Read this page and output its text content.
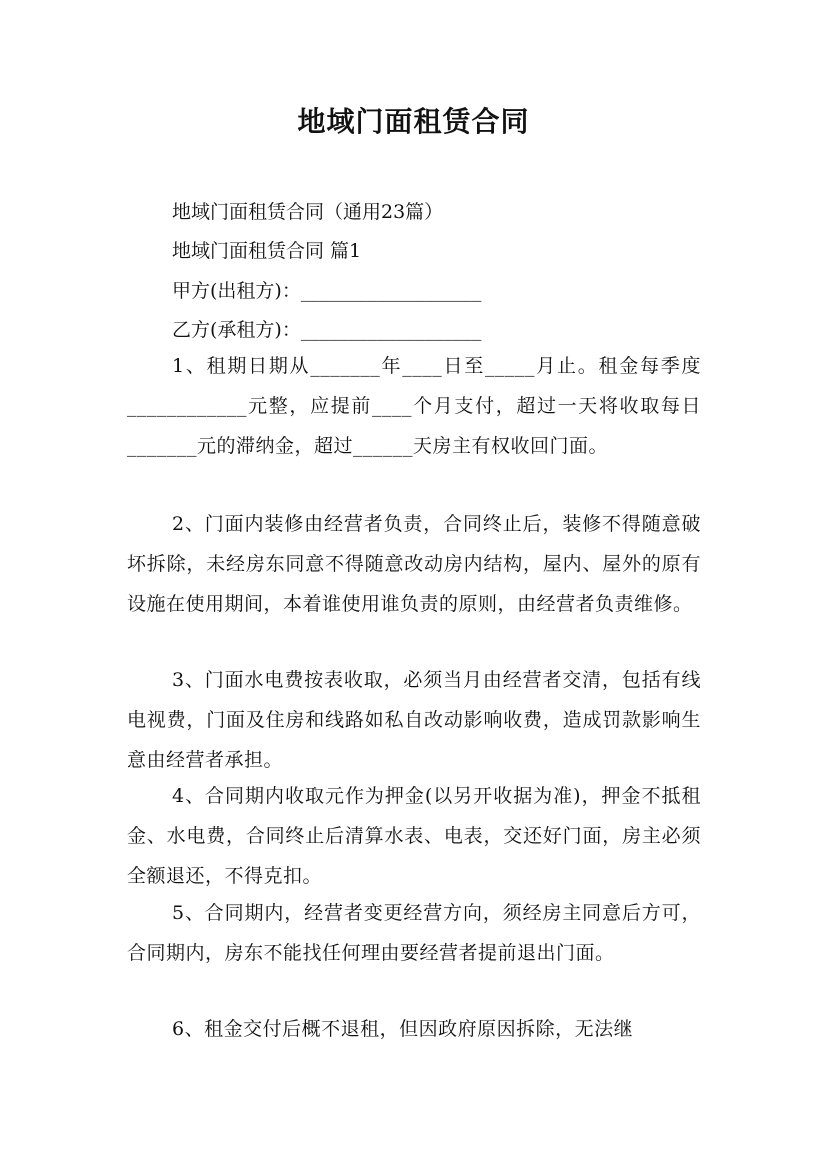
地域门面租赁合同
地域门面租赁合同（通用23篇）
地域门面租赁合同 篇1
甲方(出租方)：___________________
乙方(承租方)：___________________
1、租期日期从_______年____日至_____月止。租金每季度____________元整，应提前____个月支付，超过一天将收取每日_______元的滞纳金，超过______天房主有权收回门面。
2、门面内装修由经营者负责，合同终止后，装修不得随意破坏拆除，未经房东同意不得随意改动房内结构，屋内、屋外的原有设施在使用期间，本着谁使用谁负责的原则，由经营者负责维修。
3、门面水电费按表收取，必须当月由经营者交清，包括有线电视费，门面及住房和线路如私自改动影响收费，造成罚款影响生意由经营者承担。
4、合同期内收取元作为押金(以另开收据为准)，押金不抵租金、水电费，合同终止后清算水表、电表，交还好门面，房主必须全额退还，不得克扣。
5、合同期内，经营者变更经营方向，须经房主同意后方可，合同期内，房东不能找任何理由要经营者提前退出门面。
6、租金交付后概不退租，但因政府原因拆除，无法继
